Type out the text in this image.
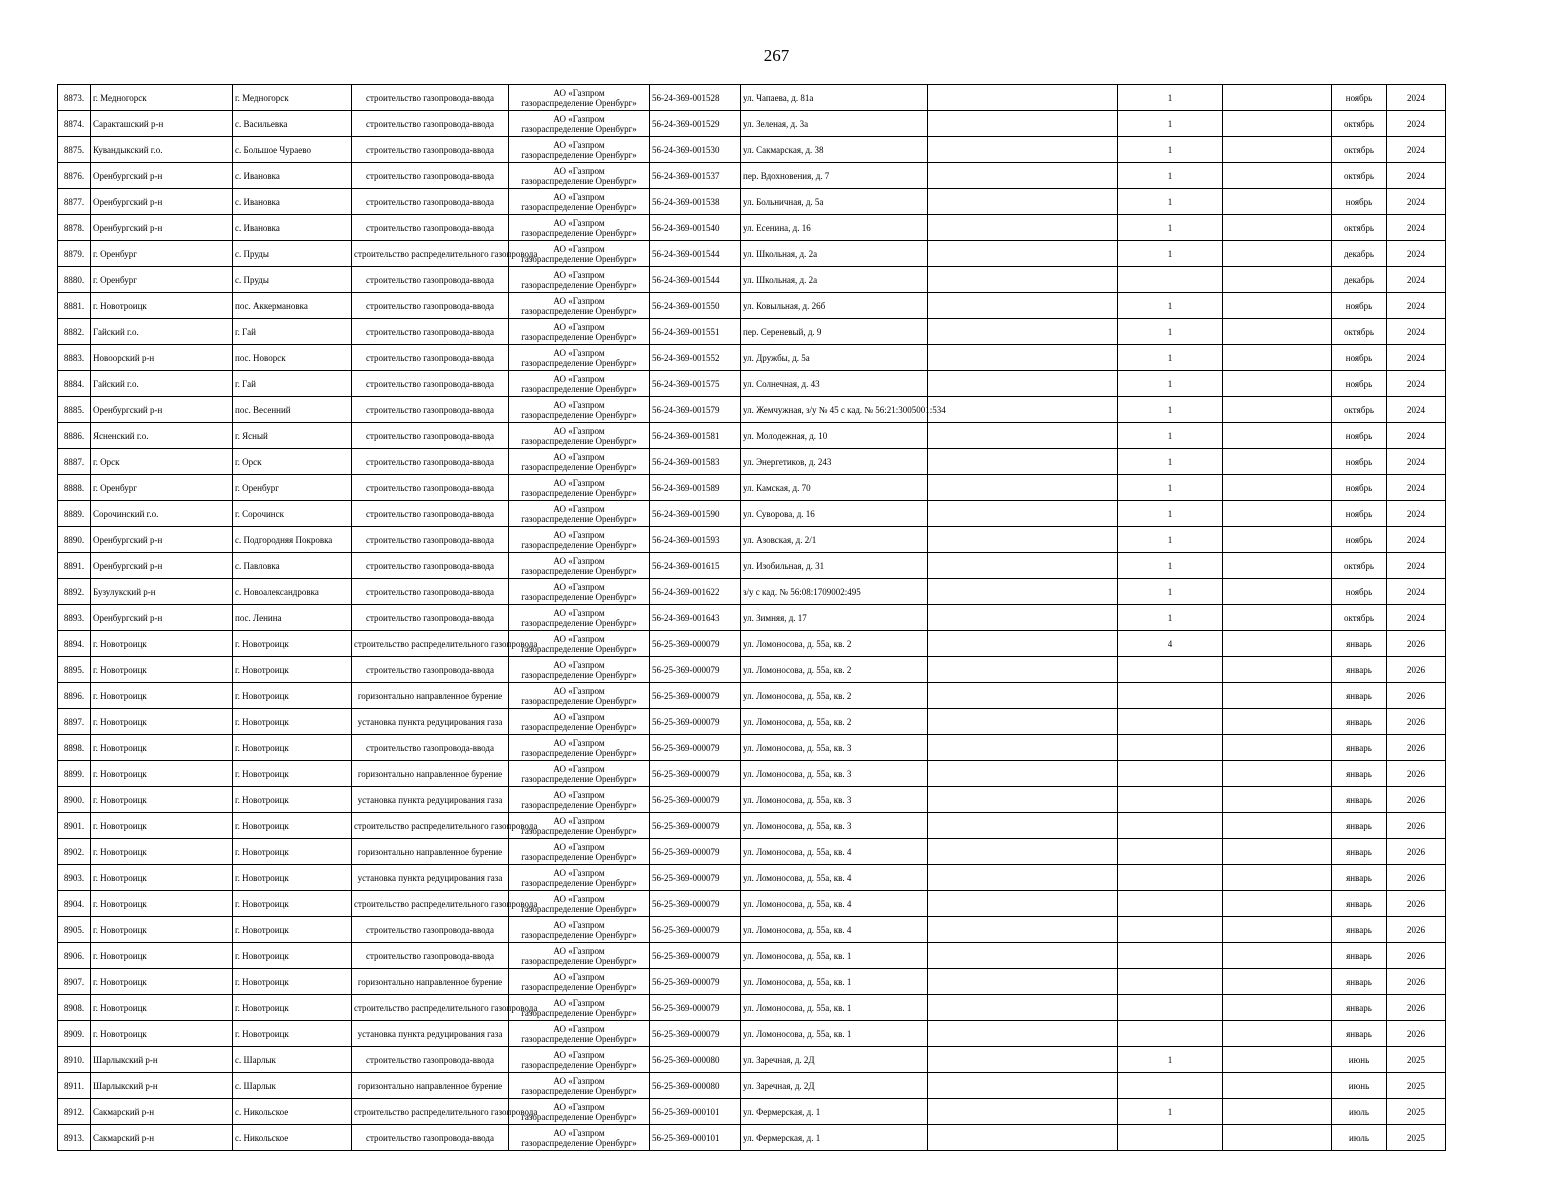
267
8873.	г. Медногорск	г. Медногорск	строительство газопровода-ввода	АО «Газпром
газораспределение Оренбург»	56-24-369-001528	ул. Чапаева, д. 81а		1		ноябрь	2024
8874.	Саракташский р-н	с. Васильевка	строительство газопровода-ввода	АО «Газпром
газораспределение Оренбург»	56-24-369-001529	ул. Зеленая, д. 3а		1		октябрь	2024
8875.	Кувандыкский г.о.	с. Большое Чураево	строительство газопровода-ввода	АО «Газпром
газораспределение Оренбург»	56-24-369-001530	ул. Сакмарская, д. 38		1		октябрь	2024
8876.	Оренбургский р-н	с. Ивановка	строительство газопровода-ввода	АО «Газпром
газораспределение Оренбург»	56-24-369-001537	пер. Вдохновения, д. 7		1		октябрь	2024
8877.	Оренбургский р-н	с. Ивановка	строительство газопровода-ввода	АО «Газпром
газораспределение Оренбург»	56-24-369-001538	ул. Больничная, д. 5а		1		ноябрь	2024
8878.	Оренбургский р-н	с. Ивановка	строительство газопровода-ввода	АО «Газпром
газораспределение Оренбург»	56-24-369-001540	ул. Есенина, д. 16		1		октябрь	2024
8879.	г. Оренбург	с. Пруды	строительство распределительного газопровода	АО «Газпром
газораспределение Оренбург»	56-24-369-001544	ул. Школьная, д. 2а		1		декабрь	2024
8880.	г. Оренбург	с. Пруды	строительство газопровода-ввода	АО «Газпром
газораспределение Оренбург»	56-24-369-001544	ул. Школьная, д. 2а				декабрь	2024
8881.	г. Новотроицк	пос. Аккермановка	строительство газопровода-ввода	АО «Газпром
газораспределение Оренбург»	56-24-369-001550	ул. Ковыльная, д. 26б		1		ноябрь	2024
8882.	Гайский г.о.	г. Гай	строительство газопровода-ввода	АО «Газпром
газораспределение Оренбург»	56-24-369-001551	пер. Сереневый, д. 9		1		октябрь	2024
8883.	Новоорский р-н	пос. Новорск	строительство газопровода-ввода	АО «Газпром
газораспределение Оренбург»	56-24-369-001552	ул. Дружбы, д. 5а		1		ноябрь	2024
8884.	Гайский г.о.	г. Гай	строительство газопровода-ввода	АО «Газпром
газораспределение Оренбург»	56-24-369-001575	ул. Солнечная, д. 43		1		ноябрь	2024
8885.	Оренбургский р-н	пос. Весенний	строительство газопровода-ввода	АО «Газпром
газораспределение Оренбург»	56-24-369-001579	ул. Жемчужная, з/у № 45 с кад. № 56:21:3005001:534		1		октябрь	2024
8886.	Ясненский г.о.	г. Ясный	строительство газопровода-ввода	АО «Газпром
газораспределение Оренбург»	56-24-369-001581	ул. Молодежная, д. 10		1		ноябрь	2024
8887.	г. Орск	г. Орск	строительство газопровода-ввода	АО «Газпром
газораспределение Оренбург»	56-24-369-001583	ул. Энергетиков, д. 243		1		ноябрь	2024
8888.	г. Оренбург	г. Оренбург	строительство газопровода-ввода	АО «Газпром
газораспределение Оренбург»	56-24-369-001589	ул. Камская, д. 70		1		ноябрь	2024
8889.	Сорочинский г.о.	г. Сорочинск	строительство газопровода-ввода	АО «Газпром
газораспределение Оренбург»	56-24-369-001590	ул. Суворова, д. 16		1		ноябрь	2024
8890.	Оренбургский р-н	с. Подгородняя Покровка	строительство газопровода-ввода	АО «Газпром
газораспределение Оренбург»	56-24-369-001593	ул. Азовская, д. 2/1		1		ноябрь	2024
8891.	Оренбургский р-н	с. Павловка	строительство газопровода-ввода	АО «Газпром
газораспределение Оренбург»	56-24-369-001615	ул. Изобильная, д. 31		1		октябрь	2024
8892.	Бузулукский р-н	с. Новоалександровка	строительство газопровода-ввода	АО «Газпром
газораспределение Оренбург»	56-24-369-001622	з/у с кад. № 56:08:1709002:495		1		ноябрь	2024
8893.	Оренбургский р-н	пос. Ленина	строительство газопровода-ввода	АО «Газпром
газораспределение Оренбург»	56-24-369-001643	ул. Зимняя, д. 17		1		октябрь	2024
8894.	г. Новотроицк	г. Новотроицк	строительство распределительного газопровода	АО «Газпром
газораспределение Оренбург»	56-25-369-000079	ул. Ломоносова, д. 55а, кв. 2		4		январь	2026
8895.	г. Новотроицк	г. Новотроицк	строительство газопровода-ввода	АО «Газпром
газораспределение Оренбург»	56-25-369-000079	ул. Ломоносова, д. 55а, кв. 2				январь	2026
8896.	г. Новотроицк	г. Новотроицк	горизонтально направленное бурение	АО «Газпром
газораспределение Оренбург»	56-25-369-000079	ул. Ломоносова, д. 55а, кв. 2				январь	2026
8897.	г. Новотроицк	г. Новотроицк	установка пункта редуцирования газа	АО «Газпром
газораспределение Оренбург»	56-25-369-000079	ул. Ломоносова, д. 55а, кв. 2				январь	2026
8898.	г. Новотроицк	г. Новотроицк	строительство газопровода-ввода	АО «Газпром
газораспределение Оренбург»	56-25-369-000079	ул. Ломоносова, д. 55а, кв. 3				январь	2026
8899.	г. Новотроицк	г. Новотроицк	горизонтально направленное бурение	АО «Газпром
газораспределение Оренбург»	56-25-369-000079	ул. Ломоносова, д. 55а, кв. 3				январь	2026
8900.	г. Новотроицк	г. Новотроицк	установка пункта редуцирования газа	АО «Газпром
газораспределение Оренбург»	56-25-369-000079	ул. Ломоносова, д. 55а, кв. 3				январь	2026
8901.	г. Новотроицк	г. Новотроицк	строительство распределительного газопровода	АО «Газпром
газораспределение Оренбург»	56-25-369-000079	ул. Ломоносова, д. 55а, кв. 3				январь	2026
8902.	г. Новотроицк	г. Новотроицк	горизонтально направленное бурение	АО «Газпром
газораспределение Оренбург»	56-25-369-000079	ул. Ломоносова, д. 55а, кв. 4				январь	2026
8903.	г. Новотроицк	г. Новотроицк	установка пункта редуцирования газа	АО «Газпром
газораспределение Оренбург»	56-25-369-000079	ул. Ломоносова, д. 55а, кв. 4				январь	2026
8904.	г. Новотроицк	г. Новотроицк	строительство распределительного газопровода	АО «Газпром
газораспределение Оренбург»	56-25-369-000079	ул. Ломоносова, д. 55а, кв. 4				январь	2026
8905.	г. Новотроицк	г. Новотроицк	строительство газопровода-ввода	АО «Газпром
газораспределение Оренбург»	56-25-369-000079	ул. Ломоносова, д. 55а, кв. 4				январь	2026
8906.	г. Новотроицк	г. Новотроицк	строительство газопровода-ввода	АО «Газпром
газораспределение Оренбург»	56-25-369-000079	ул. Ломоносова, д. 55а, кв. 1				январь	2026
8907.	г. Новотроицк	г. Новотроицк	горизонтально направленное бурение	АО «Газпром
газораспределение Оренбург»	56-25-369-000079	ул. Ломоносова, д. 55а, кв. 1				январь	2026
8908.	г. Новотроицк	г. Новотроицк	строительство распределительного газопровода	АО «Газпром
газораспределение Оренбург»	56-25-369-000079	ул. Ломоносова, д. 55а, кв. 1				январь	2026
8909.	г. Новотроицк	г. Новотроицк	установка пункта редуцирования газа	АО «Газпром
газораспределение Оренбург»	56-25-369-000079	ул. Ломоносова, д. 55а, кв. 1				январь	2026
8910.	Шарлыкский р-н	с. Шарлык	строительство газопровода-ввода	АО «Газпром
газораспределение Оренбург»	56-25-369-000080	ул. Заречная, д. 2Д		1		июнь	2025
8911.	Шарлыкский р-н	с. Шарлык	горизонтально направленное бурение	АО «Газпром
газораспределение Оренбург»	56-25-369-000080	ул. Заречная, д. 2Д				июнь	2025
8912.	Сакмарский р-н	с. Никольское	строительство распределительного газопровода	АО «Газпром
газораспределение Оренбург»	56-25-369-000101	ул. Фермерская, д. 1		1		июль	2025
8913.	Сакмарский р-н	с. Никольское	строительство газопровода-ввода	АО «Газпром
газораспределение Оренбург»	56-25-369-000101	ул. Фермерская, д. 1				июль	2025
